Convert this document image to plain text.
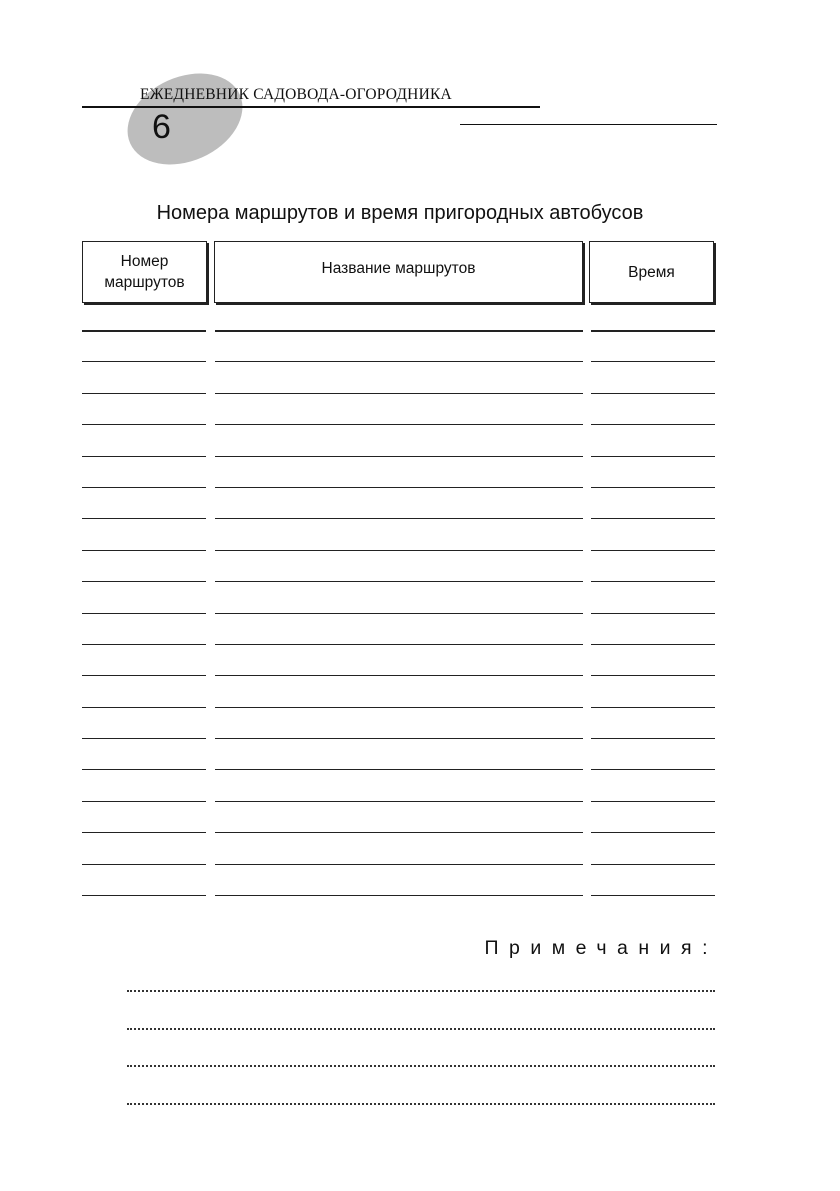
ЕЖЕДНЕВНИК САДОВОДА-ОГОРОДНИКА
6
Номера маршрутов и время пригородных автобусов
Номер
маршрутов
Название маршрутов	Время
Примечания:
